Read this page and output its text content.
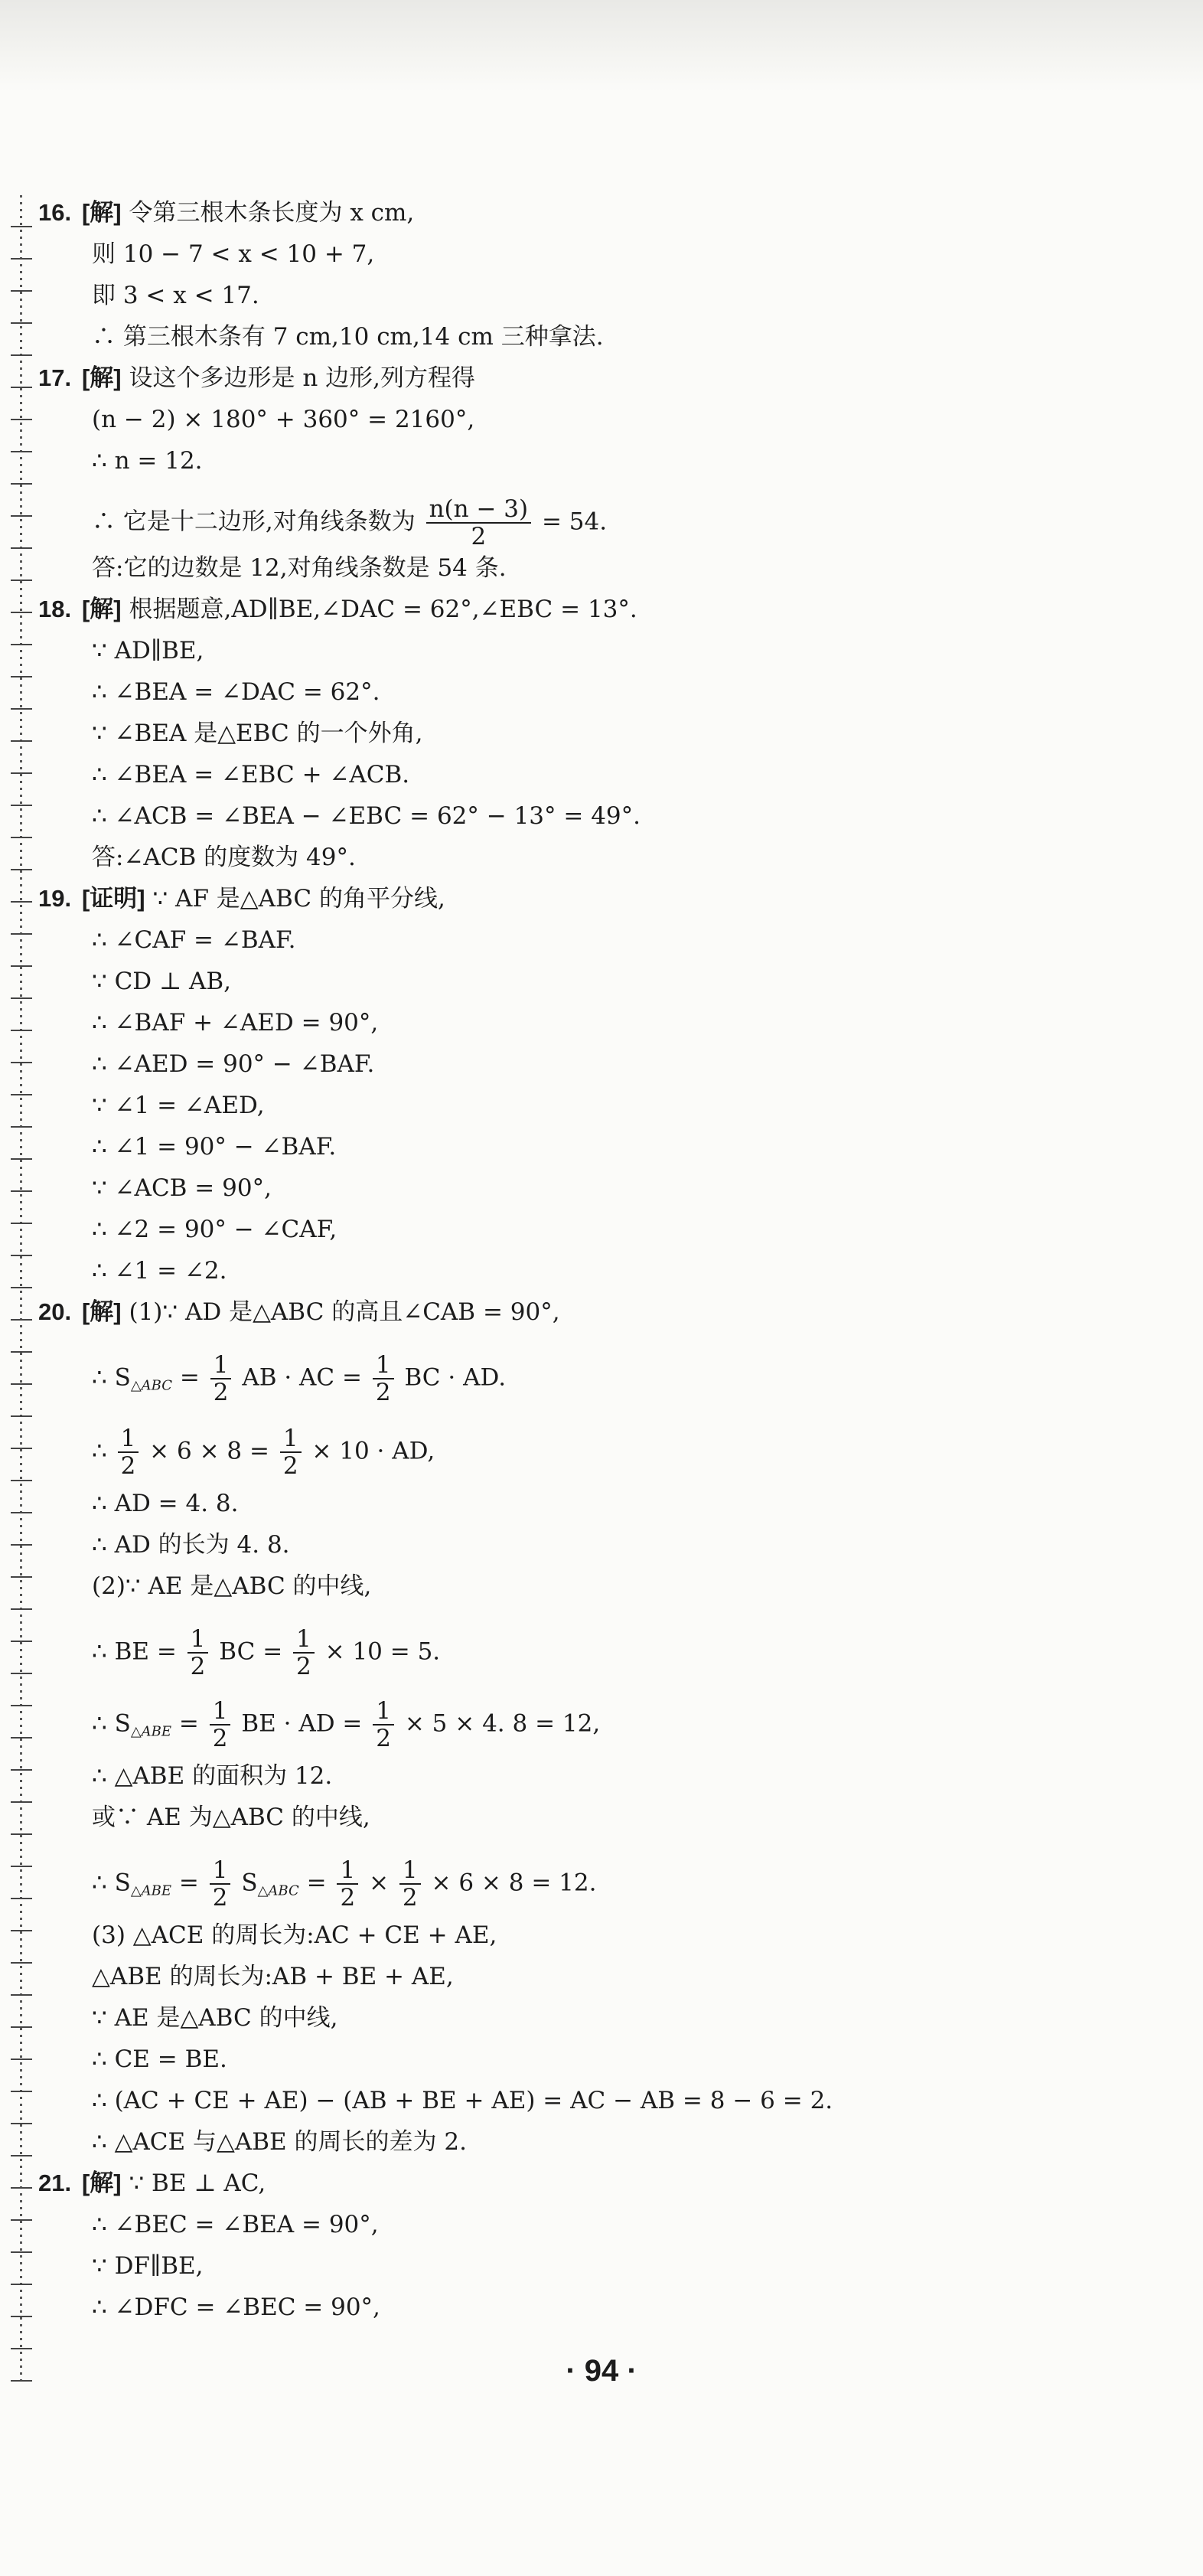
16. [解] 令第三根木条长度为 x cm,
则 10 − 7 < x < 10 + 7,
即 3 < x < 17.
∴ 第三根木条有 7 cm,10 cm,14 cm 三种拿法.
17. [解] 设这个多边形是 n 边形,列方程得
(n − 2) × 180° + 360° = 2160°,
∴ n = 12.
∴ 它是十二边形,对角线条数为 $\frac{n(n - 3)}{2} = 54$.
答:它的边数是 12,对角线条数是 54 条.
18. [解] 根据题意,AD∥BE,∠DAC = 62°,∠EBC = 13°.
∵ AD∥BE,
∴ ∠BEA = ∠DAC = 62°.
∵ ∠BEA 是△EBC 的一个外角,
∴ ∠BEA = ∠EBC + ∠ACB.
∴ ∠ACB = ∠BEA − ∠EBC = 62° − 13° = 49°.
答:∠ACB 的度数为 49°.
19. [证明] ∵ AF 是△ABC 的角平分线,
∴ ∠CAF = ∠BAF.
∵ CD ⊥ AB,
∴ ∠BAF + ∠AED = 90°,
∴ ∠AED = 90° − ∠BAF.
∵ ∠1 = ∠AED,
∴ ∠1 = 90° − ∠BAF.
∵ ∠ACB = 90°,
∴ ∠2 = 90° − ∠CAF,
∴ ∠1 = ∠2.
20. [解] (1)∵ AD 是△ABC 的高且∠CAB = 90°,
∴ $S_{\triangle ABC} = \frac{1}{2}$ AB · AC = $\frac{1}{2}$ BC · AD.
∴ $\frac{1}{2} \times 6 \times 8 = \frac{1}{2} \times 10$ · AD,
∴ AD = 4. 8.
∴ AD 的长为 4. 8.
(2)∵ AE 是△ABC 的中线,
∴ BE = $\frac{1}{2}$ BC = $\frac{1}{2} \times 10 = 5$.
∴ $S_{\triangle ABE} = \frac{1}{2}$ BE · AD = $\frac{1}{2} \times 5 \times 4$. 8 = 12,
∴ △ABE 的面积为 12.
或∵ AE 为△ABC 的中线,
∴ $S_{\triangle ABE} = \frac{1}{2} S_{\triangle ABC} = \frac{1}{2} \times \frac{1}{2} \times 6 \times 8 = 12$.
(3) △ACE 的周长为:AC + CE + AE,
△ABE 的周长为:AB + BE + AE,
∵ AE 是△ABC 的中线,
∴ CE = BE.
∴ (AC + CE + AE) − (AB + BE + AE) = AC − AB = 8 − 6 = 2.
∴ △ACE 与△ABE 的周长的差为 2.
21. [解] ∵ BE ⊥ AC,
∴ ∠BEC = ∠BEA = 90°,
∵ DF∥BE,
∴ ∠DFC = ∠BEC = 90°,
· 94 ·
